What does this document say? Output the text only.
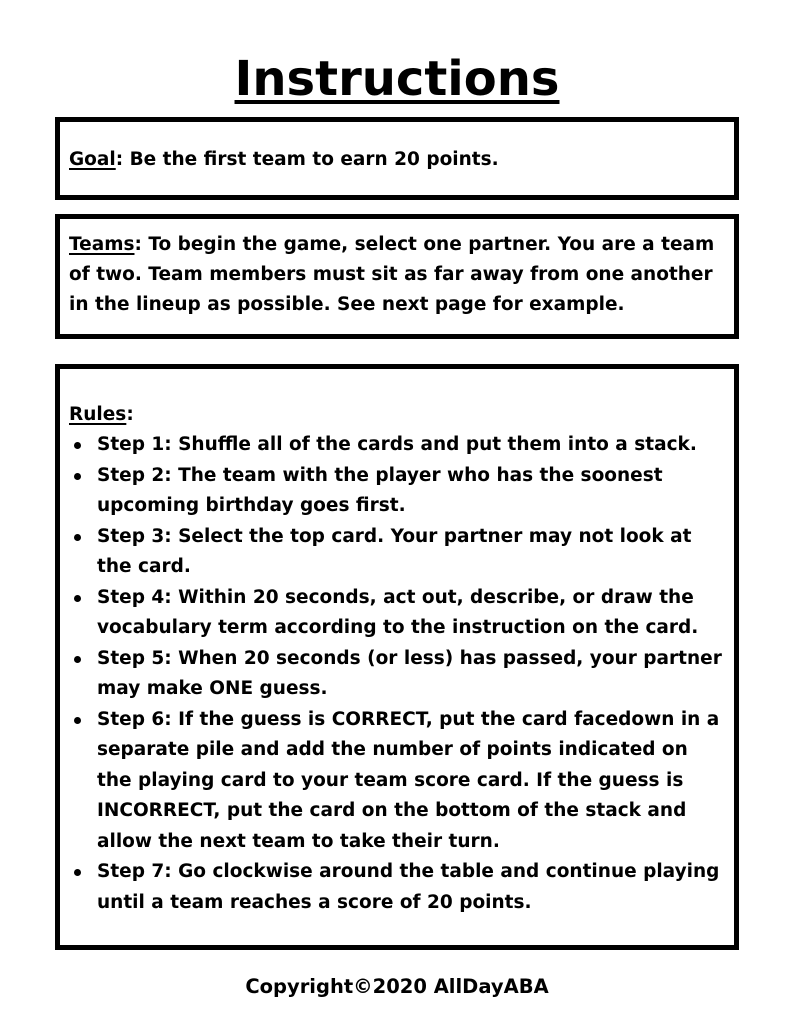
Instructions
Goal: Be the first team to earn 20 points.
Teams: To begin the game, select one partner. You are a team of two. Team members must sit as far away from one another in the lineup as possible. See next page for example.
Rules:
Step 1: Shuffle all of the cards and put them into a stack.
Step 2: The team with the player who has the soonest upcoming birthday goes first.
Step 3: Select the top card. Your partner may not look at the card.
Step 4: Within 20 seconds, act out, describe, or draw the vocabulary term according to the instruction on the card.
Step 5: When 20 seconds (or less) has passed, your partner may make ONE guess.
Step 6: If the guess is CORRECT, put the card facedown in a separate pile and add the number of points indicated on the playing card to your team score card. If the guess is INCORRECT, put the card on the bottom of the stack and allow the next team to take their turn.
Step 7: Go clockwise around the table and continue playing until a team reaches a score of 20 points.
Copyright©2020 AllDayABA
